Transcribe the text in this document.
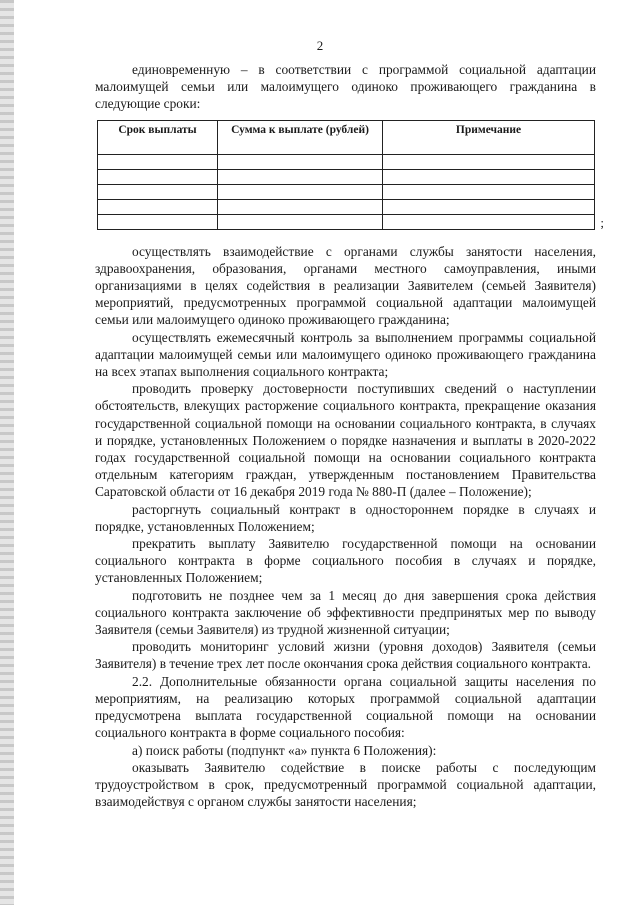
2

единовременную – в соответствии с программой социальной адаптации малоимущей семьи или малоимущего одиноко проживающего гражданина в следующие сроки:

Срок выплаты	Сумма к выплате (рублей)	Примечание

;

осуществлять взаимодействие с органами службы занятости населения, здравоохранения, образования, органами местного самоуправления, иными организациями в целях содействия в реализации Заявителем (семьей Заявителя) мероприятий, предусмотренных программой социальной адаптации малоимущей семьи или малоимущего одиноко проживающего гражданина;

осуществлять ежемесячный контроль за выполнением программы социальной адаптации малоимущей семьи или малоимущего одиноко проживающего гражданина на всех этапах выполнения социального контракта;

проводить проверку достоверности поступивших сведений о наступлении обстоятельств, влекущих расторжение социального контракта, прекращение оказания государственной социальной помощи на основании социального контракта, в случаях и порядке, установленных Положением о порядке назначения и выплаты в 2020-2022 годах государственной социальной помощи на основании социального контракта отдельным категориям граждан, утвержденным постановлением Правительства Саратовской области от 16 декабря 2019 года № 880-П (далее – Положение);

расторгнуть социальный контракт в одностороннем порядке в случаях и порядке, установленных Положением;

прекратить выплату Заявителю государственной помощи на основании социального контракта в форме социального пособия в случаях и порядке, установленных Положением;

подготовить не позднее чем за 1 месяц до дня завершения срока действия социального контракта заключение об эффективности предпринятых мер по выводу Заявителя (семьи Заявителя) из трудной жизненной ситуации;

проводить мониторинг условий жизни (уровня доходов) Заявителя (семьи Заявителя) в течение трех лет после окончания срока действия социального контракта.

2.2. Дополнительные обязанности органа социальной защиты населения по мероприятиям, на реализацию которых программой социальной адаптации предусмотрена выплата государственной социальной помощи на основании социального контракта в форме социального пособия:

а) поиск работы (подпункт «а» пункта 6 Положения):

оказывать Заявителю содействие в поиске работы с последующим трудоустройством в срок, предусмотренный программой социальной адаптации, взаимодействуя с органом службы занятости населения;
